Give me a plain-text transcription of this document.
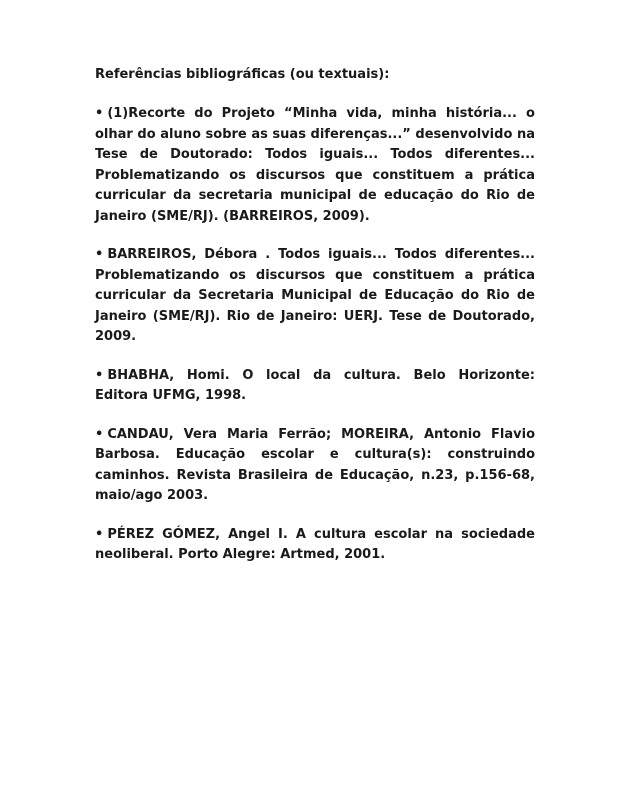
Referências bibliográficas (ou textuais):

• (1)Recorte do Projeto “Minha vida, minha história... o olhar do aluno sobre as suas diferenças...” desenvolvido na Tese de Doutorado: Todos iguais... Todos diferentes... Problematizando os discursos que constituem a prática curricular da secretaria municipal de educação do Rio de Janeiro (SME/RJ). (BARREIROS, 2009).

• BARREIROS, Débora . Todos iguais... Todos diferentes... Problematizando os discursos que constituem a prática curricular da Secretaria Municipal de Educação do Rio de Janeiro (SME/RJ). Rio de Janeiro: UERJ. Tese de Doutorado, 2009.

• BHABHA, Homi. O local da cultura. Belo Horizonte: Editora UFMG, 1998.

• CANDAU, Vera Maria Ferrão; MOREIRA, Antonio Flavio Barbosa. Educação escolar e cultura(s): construindo caminhos. Revista Brasileira de Educação, n.23, p.156-68, maio/ago 2003.

• PÉREZ GÓMEZ, Angel I. A cultura escolar na sociedade neoliberal. Porto Alegre: Artmed, 2001.
